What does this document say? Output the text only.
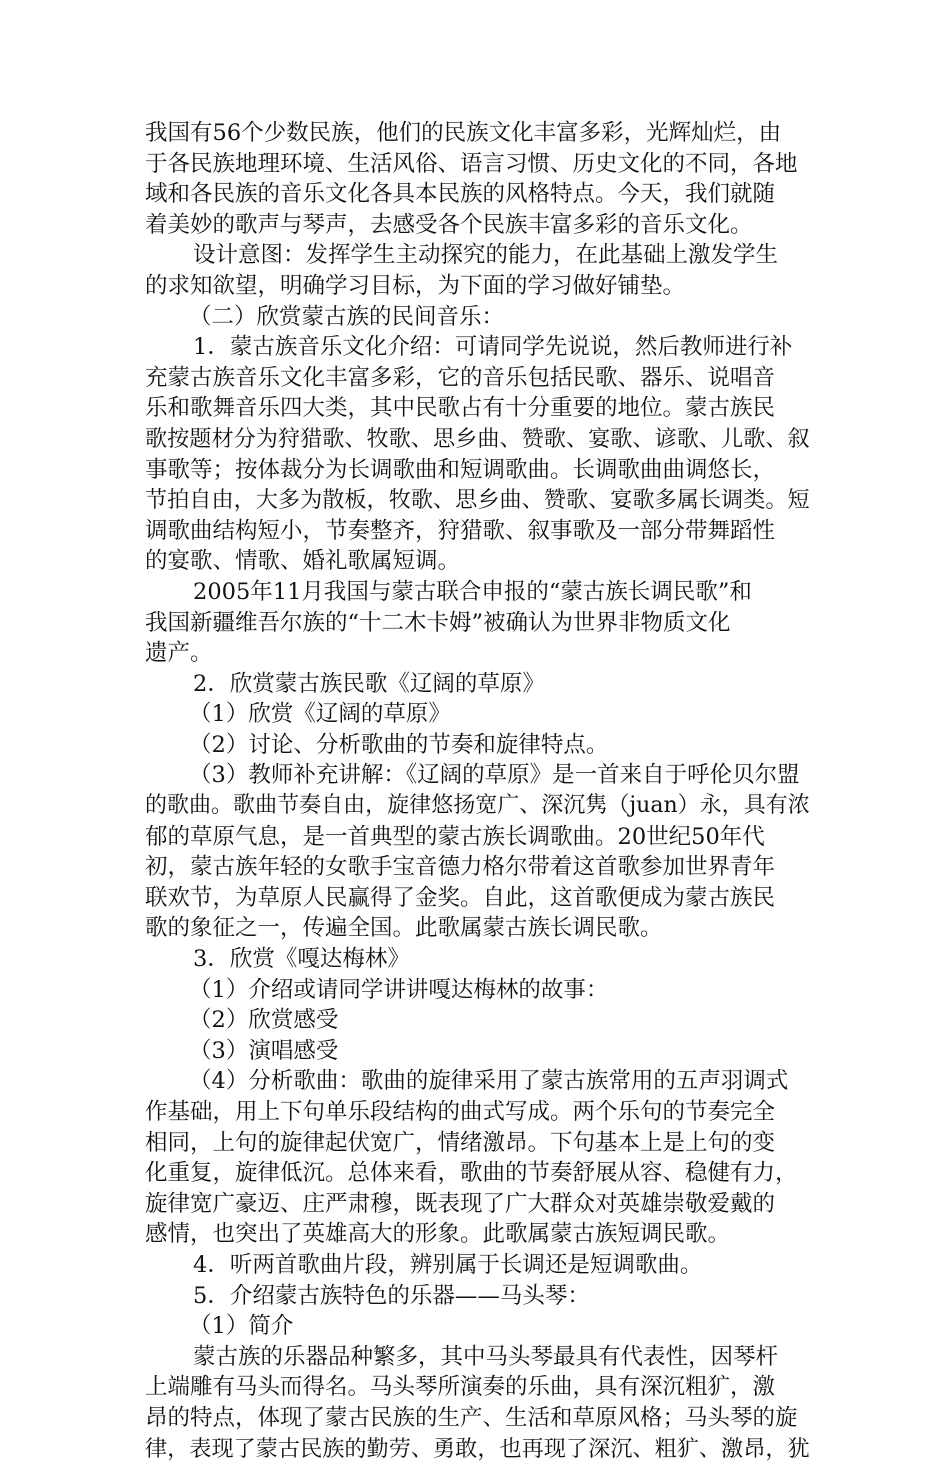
我国有56个少数民族，他们的民族文化丰富多彩，光辉灿烂，由
于各民族地理环境、生活风俗、语言习惯、历史文化的不同，各地
域和各民族的音乐文化各具本民族的风格特点。今天，我们就随
着美妙的歌声与琴声，去感受各个民族丰富多彩的音乐文化。
设计意图：发挥学生主动探究的能力，在此基础上激发学生
的求知欲望，明确学习目标，为下面的学习做好铺垫。
（二）欣赏蒙古族的民间音乐：
1．蒙古族音乐文化介绍：可请同学先说说，然后教师进行补
充蒙古族音乐文化丰富多彩，它的音乐包括民歌、器乐、说唱音
乐和歌舞音乐四大类，其中民歌占有十分重要的地位。蒙古族民
歌按题材分为狩猎歌、牧歌、思乡曲、赞歌、宴歌、谚歌、儿歌、叙
事歌等；按体裁分为长调歌曲和短调歌曲。长调歌曲曲调悠长，
节拍自由，大多为散板，牧歌、思乡曲、赞歌、宴歌多属长调类。短
调歌曲结构短小，节奏整齐，狩猎歌、叙事歌及一部分带舞蹈性
的宴歌、情歌、婚礼歌属短调。
2005年11月我国与蒙古联合申报的“蒙古族长调民歌”和
我国新疆维吾尔族的“十二木卡姆”被确认为世界非物质文化
遗产。
2．欣赏蒙古族民歌《辽阔的草原》
（1）欣赏《辽阔的草原》
（2）讨论、分析歌曲的节奏和旋律特点。
（3）教师补充讲解：《辽阔的草原》是一首来自于呼伦贝尔盟
的歌曲。歌曲节奏自由，旋律悠扬宽广、深沉隽（juan）永，具有浓
郁的草原气息，是一首典型的蒙古族长调歌曲。20世纪50年代
初，蒙古族年轻的女歌手宝音德力格尔带着这首歌参加世界青年
联欢节，为草原人民赢得了金奖。自此，这首歌便成为蒙古族民
歌的象征之一，传遍全国。此歌属蒙古族长调民歌。
3．欣赏《嘎达梅林》
（1）介绍或请同学讲讲嘎达梅林的故事：
（2）欣赏感受
（3）演唱感受
（4）分析歌曲：歌曲的旋律采用了蒙古族常用的五声羽调式
作基础，用上下句单乐段结构的曲式写成。两个乐句的节奏完全
相同，上句的旋律起伏宽广，情绪激昂。下句基本上是上句的变
化重复，旋律低沉。总体来看，歌曲的节奏舒展从容、稳健有力，
旋律宽广豪迈、庄严肃穆，既表现了广大群众对英雄崇敬爱戴的
感情，也突出了英雄高大的形象。此歌属蒙古族短调民歌。
4．听两首歌曲片段，辨别属于长调还是短调歌曲。
5．介绍蒙古族特色的乐器——马头琴：
（1）简介
蒙古族的乐器品种繁多，其中马头琴最具有代表性，因琴杆
上端雕有马头而得名。马头琴所演奏的乐曲，具有深沉粗犷，激
昂的特点，体现了蒙古民族的生产、生活和草原风格；马头琴的旋
律，表现了蒙古民族的勤劳、勇敢，也再现了深沉、粗犷、激昂，犹
